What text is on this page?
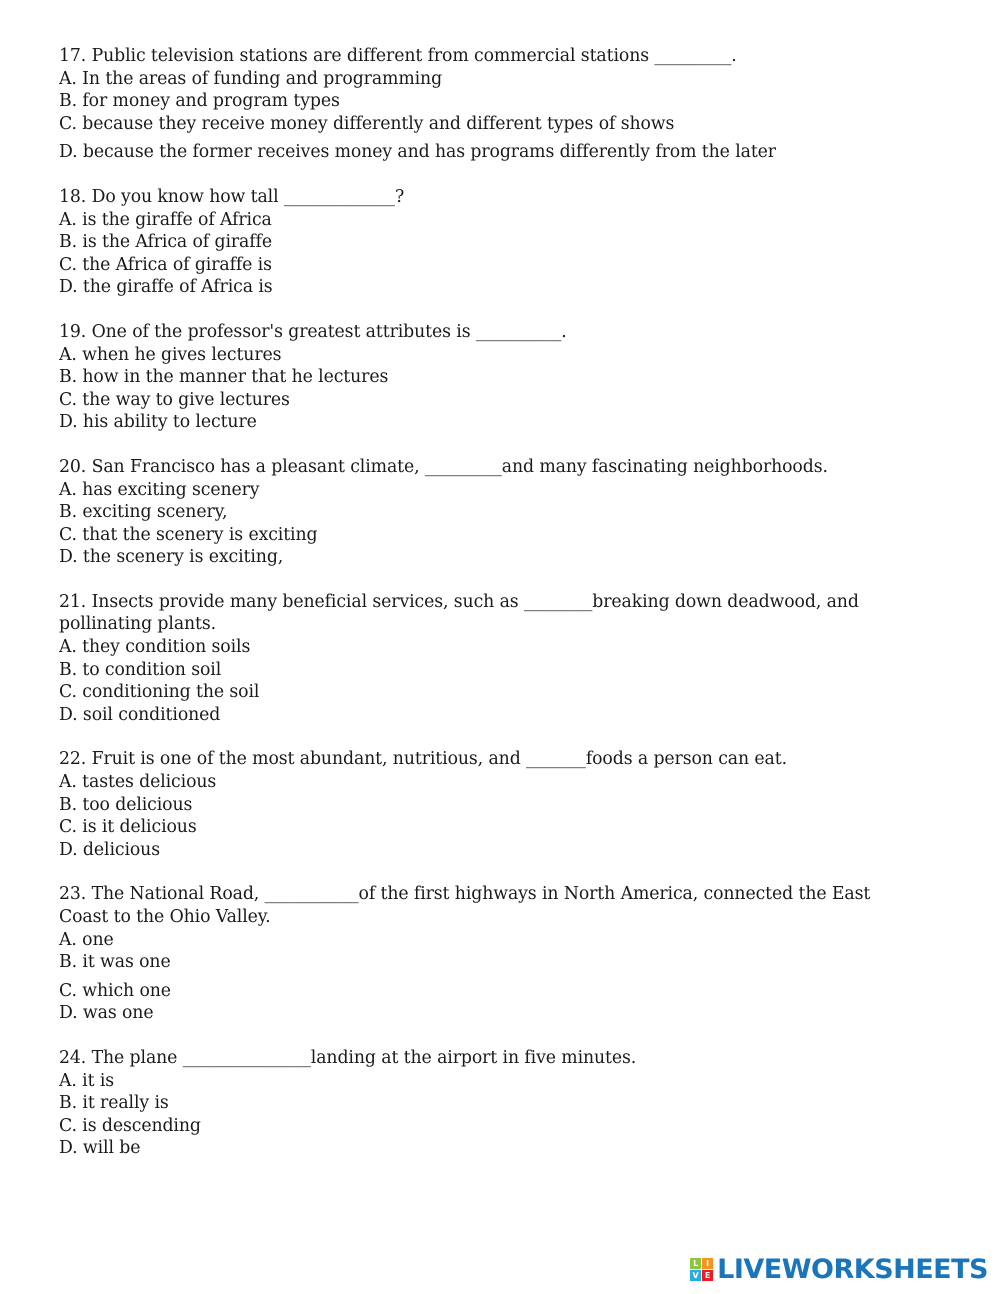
17. Public television stations are different from commercial stations _________.
A. In the areas of funding and programming
B. for money and program types
C. because they receive money differently and different types of shows
D. because the former receives money and has programs differently from the later
18. Do you know how tall _____________?
A. is the giraffe of Africa
B. is the Africa of giraffe
C. the Africa of giraffe is
D. the giraffe of Africa is
19. One of the professor's greatest attributes is __________.
A. when he gives lectures
B. how in the manner that he lectures
C. the way to give lectures
D. his ability to lecture
20. San Francisco has a pleasant climate, _________and many fascinating neighborhoods.
A. has exciting scenery
B. exciting scenery,
C. that the scenery is exciting
D. the scenery is exciting,
21. Insects provide many beneficial services, such as ________breaking down deadwood, and
pollinating plants.
A. they condition soils
B. to condition soil
C. conditioning the soil
D. soil conditioned
22. Fruit is one of the most abundant, nutritious, and _______foods a person can eat.
A. tastes delicious
B. too delicious
C. is it delicious
D. delicious
23. The National Road, ___________of the first highways in North America, connected the East
Coast to the Ohio Valley.
A. one
B. it was one
C. which one
D. was one
24. The plane _______________landing at the airport in five minutes.
A. it is
B. it really is
C. is descending
D. will be
L I
V E LIVEWORKSHEETS
